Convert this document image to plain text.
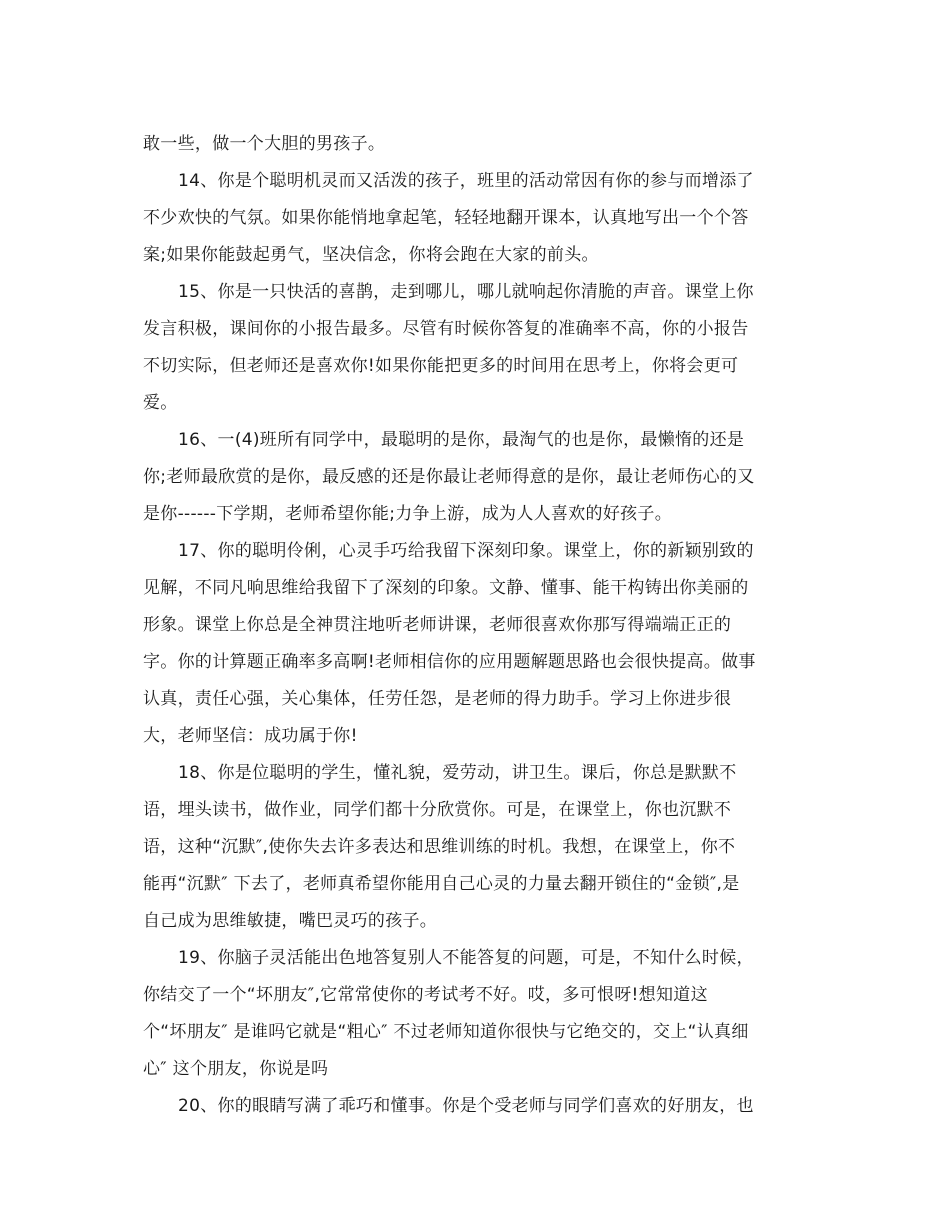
敢一些，做一个大胆的男孩子。
14、你是个聪明机灵而又活泼的孩子，班里的活动常因有你的参与而增添了
不少欢快的气氛。如果你能悄地拿起笔，轻轻地翻开课本，认真地写出一个个答
案;如果你能鼓起勇气，坚决信念，你将会跑在大家的前头。
15、你是一只快活的喜鹊，走到哪儿，哪儿就响起你清脆的声音。课堂上你
发言积极，课间你的小报告最多。尽管有时候你答复的准确率不高，你的小报告
不切实际，但老师还是喜欢你!如果你能把更多的时间用在思考上，你将会更可
爱。
16、一(4)班所有同学中，最聪明的是你，最淘气的也是你，最懒惰的还是
你;老师最欣赏的是你，最反感的还是你最让老师得意的是你，最让老师伤心的又
是你------下学期，老师希望你能;力争上游，成为人人喜欢的好孩子。
17、你的聪明伶俐，心灵手巧给我留下深刻印象。课堂上，你的新颖别致的
见解，不同凡响思维给我留下了深刻的印象。文静、懂事、能干构铸出你美丽的
形象。课堂上你总是全神贯注地听老师讲课，老师很喜欢你那写得端端正正的
字。你的计算题正确率多高啊!老师相信你的应用题解题思路也会很快提高。做事
认真，责任心强，关心集体，任劳任怨，是老师的得力助手。学习上你进步很
大，老师坚信：成功属于你!
18、你是位聪明的学生，懂礼貌，爱劳动，讲卫生。课后，你总是默默不
语，埋头读书，做作业，同学们都十分欣赏你。可是，在课堂上，你也沉默不
语，这种“沉默″,使你失去许多表达和思维训练的时机。我想，在课堂上，你不
能再“沉默″ 下去了，老师真希望你能用自己心灵的力量去翻开锁住的“金锁″,是
自己成为思维敏捷，嘴巴灵巧的孩子。
19、你脑子灵活能出色地答复别人不能答复的问题，可是，不知什么时候，
你结交了一个“坏朋友″,它常常使你的考试考不好。哎，多可恨呀!想知道这
个“坏朋友″ 是谁吗它就是“粗心″ 不过老师知道你很快与它绝交的，交上“认真细
心″ 这个朋友，你说是吗
20、你的眼睛写满了乖巧和懂事。你是个受老师与同学们喜欢的好朋友，也
